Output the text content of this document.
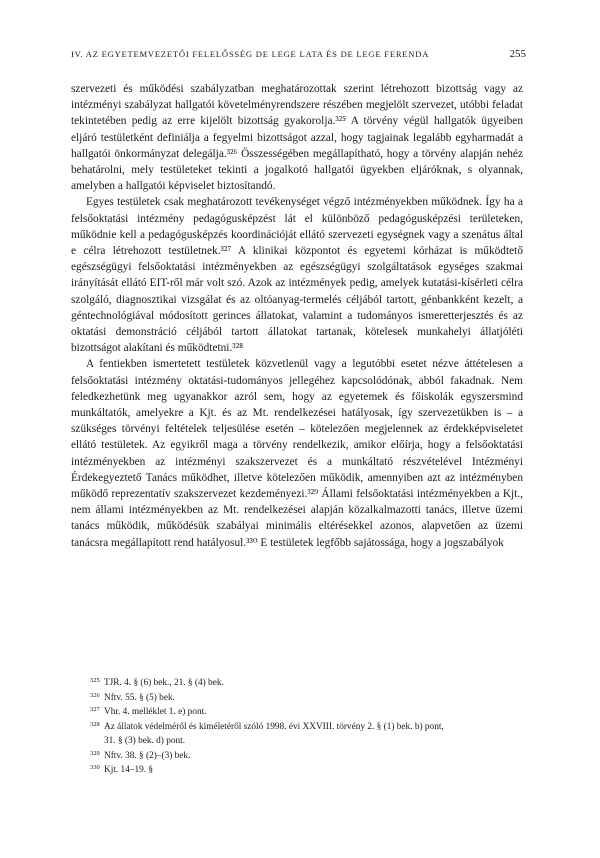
IV. AZ EGYETEMVEZETŐI FELELŐSSÉG DE LEGE LATA ÉS DE LEGE FERENDA	255

szervezeti és működési szabályzatban meghatározottak szerint létrehozott bizottság vagy az intézményi szabályzat hallgatói követelményrendszere részében megjelölt szervezet, utóbbi feladat tekintetében pedig az erre kijelölt bizottság gyakorolja.³²⁵ A törvény végül hallgatók ügyeiben eljáró testületként definiálja a fegyelmi bizottságot azzal, hogy tagjainak legalább egyharmadát a hallgatói önkormányzat delegálja.³²⁶ Összességében megállapítható, hogy a törvény alapján nehéz behatárolni, mely testületeket tekinti a jogalkotó hallgatói ügyekben eljáróknak, s olyannak, amelyben a hallgatói képviselet biztosítandó.

Egyes testületek csak meghatározott tevékenységet végző intézményekben működnek. Így ha a felsőoktatási intézmény pedagógusképzést lát el különböző pedagógusképzési területeken, működnie kell a pedagógusképzés koordinációját ellátó szervezeti egységnek vagy a szenátus által e célra létrehozott testületnek.³²⁷ A klinikai központot és egyetemi kórházat is működtető egészségügyi felsőoktatási intézményekben az egészségügyi szolgáltatások egységes szakmai irányítását ellátó EIT-ről már volt szó. Azok az intézmények pedig, amelyek kutatási-kísérleti célra szolgáló, diagnosztikai vizsgálat és az oltóanyag-termelés céljából tartott, génbankként kezelt, a géntechnológiával módosított gerinces állatokat, valamint a tudományos ismeretterjesztés és az oktatási demonstráció céljából tartott állatokat tartanak, kötelesek munkahelyi állatjóléti bizottságot alakítani és működtetni.³²⁸

A fentiekben ismertetett testületek közvetlenül vagy a legutóbbi esetet nézve áttételesen a felsőoktatási intézmény oktatási-tudományos jellegéhez kapcsolódónak, abból fakadnak. Nem feledkezhetünk meg ugyanakkor azról sem, hogy az egyetemek és főiskolák egyszersmind munkáltatók, amelyekre a Kjt. és az Mt. rendelkezései hatályosak, így szervezetükben is – a szükséges törvényi feltételek teljesülése esetén – kötelezően megjelennek az érdekképviseletet ellátó testületek. Az egyikről maga a törvény rendelkezik, amikor előírja, hogy a felsőoktatási intézményekben az intézményi szakszervezet és a munkáltató részvételével Intézményi Érdekegyeztető Tanács működhet, illetve kötelezően működik, amennyiben azt az intézményben működő reprezentatív szakszervezet kezdeményezi.³²⁹ Állami felsőoktatási intézményekben a Kjt., nem állami intézményekben az Mt. rendelkezései alapján közalkalmazotti tanács, illetve üzemi tanács működik, működésük szabályai minimális eltérésekkel azonos, alapvetően az üzemi tanácsra megállapított rend hatályosul.³³⁰ E testületek legfőbb sajátossága, hogy a jogszabályok

325 TJR. 4. § (6) bek., 21. § (4) bek.
326 Nftv. 55. § (5) bek.
327 Vhr. 4. melléklet 1. e) pont.
328 Az állatok védelméről és kíméletéről szóló 1998. évi XXVIII. törvény 2. § (1) bek. b) pont,
31. § (3) bek. d) pont.
329 Nftv. 38. § (2)–(3) bek.
330 Kjt. 14–19. §
